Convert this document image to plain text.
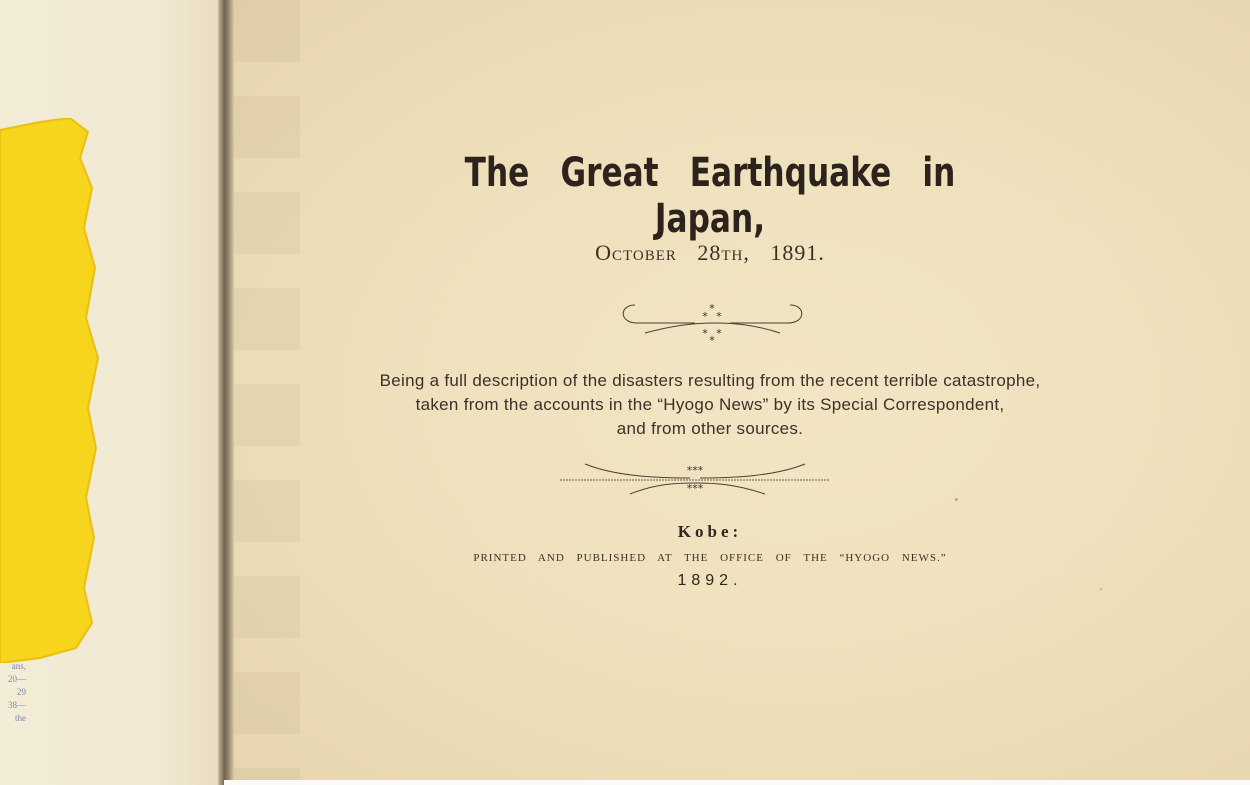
ans,
20—
29
38—
the
The Great Earthquake in Japan,
October 28th, 1891.
*
* *
* *
*
Being a full description of the disasters resulting from the recent terrible catastrophe,
taken from the accounts in the “Hyogo News” by its Special Correspondent,
and from other sources.
***
***
Kobe:
PRINTED AND PUBLISHED AT THE OFFICE OF THE “HYOGO NEWS.”
1892.
